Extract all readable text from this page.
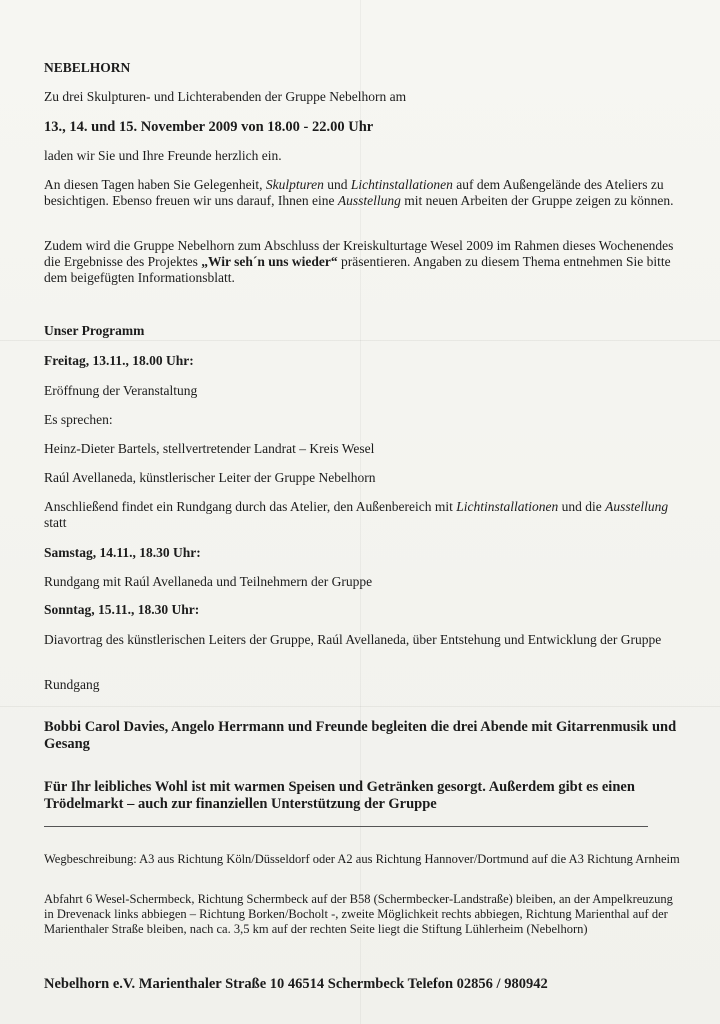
NEBELHORN

Zu drei Skulpturen- und Lichterabenden der Gruppe Nebelhorn am

13., 14. und 15. November 2009 von 18.00 - 22.00 Uhr

laden wir Sie und Ihre Freunde herzlich ein.

An diesen Tagen haben Sie Gelegenheit, Skulpturen und Lichtinstallationen auf dem Außengelände des Ateliers zu besichtigen. Ebenso freuen wir uns darauf, Ihnen eine Ausstellung mit neuen Arbeiten der Gruppe zeigen zu können.

Zudem wird die Gruppe Nebelhorn zum Abschluss der Kreiskulturtage Wesel 2009 im Rahmen dieses Wochenendes die Ergebnisse des Projektes „Wir seh´n uns wieder“ präsentieren. Angaben zu diesem Thema entnehmen Sie bitte dem beigefügten Informationsblatt.

Unser Programm

Freitag, 13.11., 18.00 Uhr:

Eröffnung der Veranstaltung

Es sprechen:

Heinz-Dieter Bartels, stellvertretender Landrat – Kreis Wesel

Raúl Avellaneda, künstlerischer Leiter der Gruppe Nebelhorn

Anschließend findet ein Rundgang durch das Atelier, den Außenbereich mit Lichtinstallationen und die Ausstellung statt

Samstag, 14.11., 18.30 Uhr:

Rundgang mit Raúl Avellaneda und Teilnehmern der Gruppe

Sonntag, 15.11., 18.30 Uhr:

Diavortrag des künstlerischen Leiters der Gruppe, Raúl Avellaneda, über Entstehung und Entwicklung der Gruppe

Rundgang

Bobbi Carol Davies, Angelo Herrmann und Freunde begleiten die drei Abende mit Gitarrenmusik und Gesang

Für Ihr leibliches Wohl ist mit warmen Speisen und Getränken gesorgt. Außerdem gibt es einen Trödelmarkt – auch zur finanziellen Unterstützung der Gruppe

Wegbeschreibung: A3 aus Richtung Köln/Düsseldorf oder A2 aus Richtung Hannover/Dortmund auf die A3 Richtung Arnheim

Abfahrt 6 Wesel-Schermbeck, Richtung Schermbeck auf der B58 (Schermbecker-Landstraße) bleiben, an der Ampelkreuzung in Drevenack links abbiegen – Richtung Borken/Bocholt -, zweite Möglichkeit rechts abbiegen, Richtung Marienthal auf der Marienthaler Straße bleiben, nach ca. 3,5 km auf der rechten Seite liegt die Stiftung Lühlerheim (Nebelhorn)

Nebelhorn e.V. Marienthaler Straße 10 46514 Schermbeck Telefon 02856 / 980942
